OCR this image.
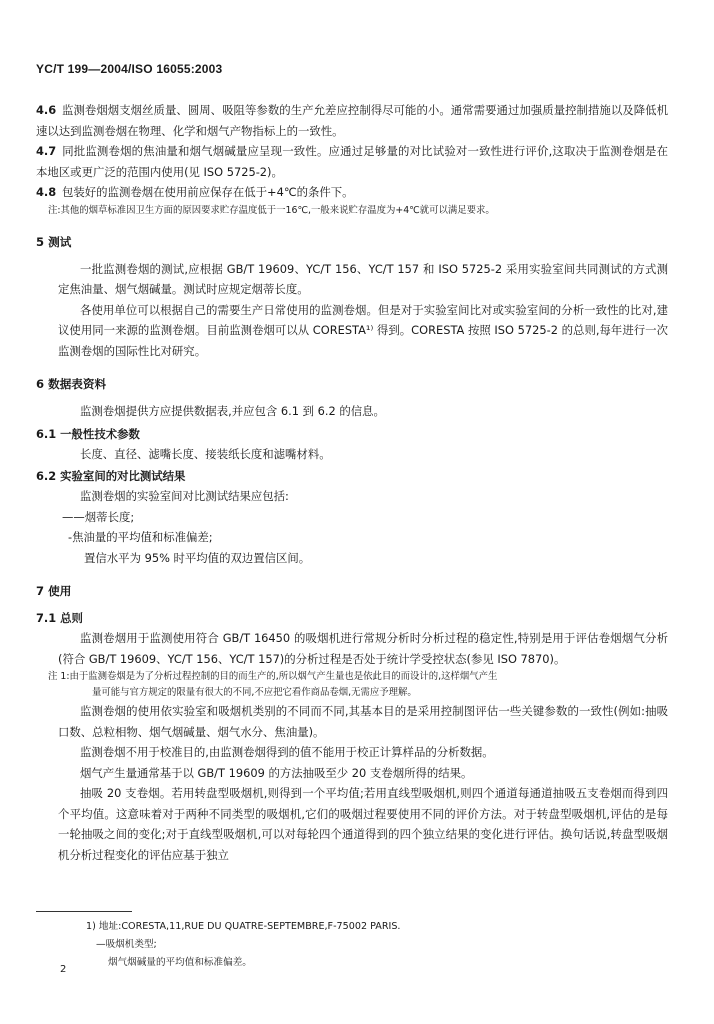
YC/T 199—2004/ISO 16055:2003

4.6 监测卷烟烟支烟丝质量、圆周、吸阻等参数的生产允差应控制得尽可能的小。通常需要通过加强质量控制措施以及降低机速以达到监测卷烟在物理、化学和烟气产物指标上的一致性。

4.7 同批监测卷烟的焦油量和烟气烟碱量应呈现一致性。应通过足够量的对比试验对一致性进行评价,这取决于监测卷烟是在本地区或更广泛的范围内使用(见 ISO 5725-2)。

4.8 包装好的监测卷烟在使用前应保存在低于+4℃的条件下。

注:其他的烟草标准因卫生方面的原因要求贮存温度低于一16℃,一般来说贮存温度为+4℃就可以满足要求。

5 测试

一批监测卷烟的测试,应根据 GB/T 19609、YC/T 156、YC/T 157 和 ISO 5725-2 采用实验室间共同测试的方式测定焦油量、烟气烟碱量。测试时应规定烟蒂长度。

各使用单位可以根据自己的需要生产日常使用的监测卷烟。但是对于实验室间比对或实验室间的分析一致性的比对,建议使用同一来源的监测卷烟。目前监测卷烟可以从 CORESTA¹⁾ 得到。CORESTA 按照 ISO 5725-2 的总则,每年进行一次监测卷烟的国际性比对研究。

6 数据表资料

监测卷烟提供方应提供数据表,并应包含 6.1 到 6.2 的信息。

6.1 一般性技术参数

长度、直径、滤嘴长度、接装纸长度和滤嘴材料。

6.2 实验室间的对比测试结果

监测卷烟的实验室间对比测试结果应包括:

——烟蒂长度;

-焦油量的平均值和标准偏差;

置信水平为 95% 时平均值的双边置信区间。

7 使用
7.1 总则

监测卷烟用于监测使用符合 GB/T 16450 的吸烟机进行常规分析时分析过程的稳定性,特别是用于评估卷烟烟气分析(符合 GB/T 19609、YC/T 156、YC/T 157)的分析过程是否处于统计学受控状态(参见 ISO 7870)。

注 1:由于监测卷烟是为了分析过程控制的目的而生产的,所以烟气产生量也是依此目的而设计的,这样烟气产生

量可能与官方规定的限量有很大的不同,不应把它看作商品卷烟,无需应予理解。

监测卷烟的使用依实验室和吸烟机类别的不同而不同,其基本目的是采用控制图评估一些关键参数的一致性(例如:抽吸口数、总粒相物、烟气烟碱量、烟气水分、焦油量)。

监测卷烟不用于校准目的,由监测卷烟得到的值不能用于校正计算样品的分析数据。

烟气产生量通常基于以 GB/T 19609 的方法抽吸至少 20 支卷烟所得的结果。

抽吸 20 支卷烟。若用转盘型吸烟机,则得到一个平均值;若用直线型吸烟机,则四个通道每通道抽吸五支卷烟而得到四个平均值。这意味着对于两种不同类型的吸烟机,它们的吸烟过程要使用不同的评价方法。对于转盘型吸烟机,评估的是每一轮抽吸之间的变化;对于直线型吸烟机,可以对每轮四个通道得到的四个独立结果的变化进行评估。换句话说,转盘型吸烟机分析过程变化的评估应基于独立

1) 地址:CORESTA,11,RUE DU QUATRE-SEPTEMBRE,F-75002 PARIS.
—吸烟机类型;
烟气烟碱量的平均值和标准偏差。
2
